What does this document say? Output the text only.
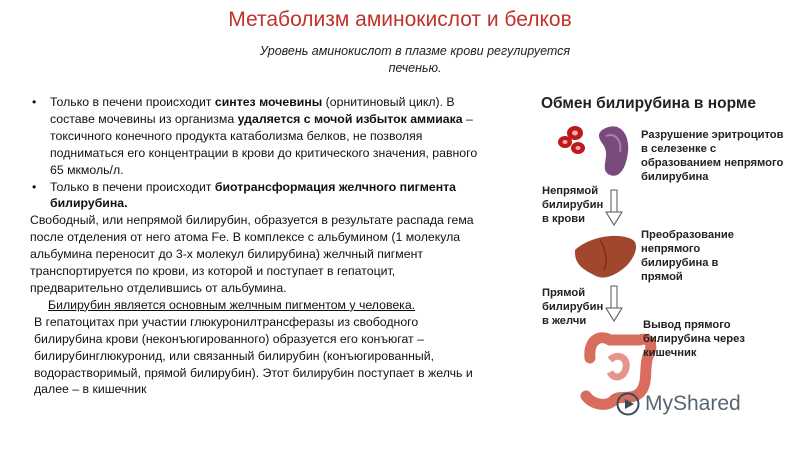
Метаболизм аминокислот и белков
Уровень аминокислот в плазме крови регулируется печенью.

• Только в печени происходит синтез мочевины (орнитиновый цикл). В составе мочевины из организма удаляется с мочой избыток аммиака – токсичного конечного продукта катаболизма белков, не позволяя подниматься его концентрации в крови до критического значения, равного 65 мкмоль/л.

• Только в печени происходит биотрансформация желчного пигмента билирубина.

Свободный, или непрямой билирубин, образуется в результате распада гема после отделения от него атома Fe. В комплексе с альбумином (1 молекула альбумина переносит до 3-х молекул билирубина) желчный пигмент транспортируется по крови, из которой и поступает в гепатоцит, предварительно отделившись от альбумина.

Билирубин является основным желчным пигментом у человека.

В гепатоцитах при участии глюкуронилтрансферазы из свободного билирубина крови (неконъюгированного) образуется его конъюгат – билирубинглюкуронид, или связанный билирубин (конъюгированный, водорастворимый, прямой билирубин). Этот билирубин поступает в желчь и далее – в кишечник

Обмен билирубина в норме
Разрушение эритроцитов в селезенке с образованием непрямого билирубина
Непрямой билирубин в крови
Преобразование непрямого билирубина в прямой
Прямой билирубин в желчи	Вывод прямого билирубина через кишечник
MyShared
